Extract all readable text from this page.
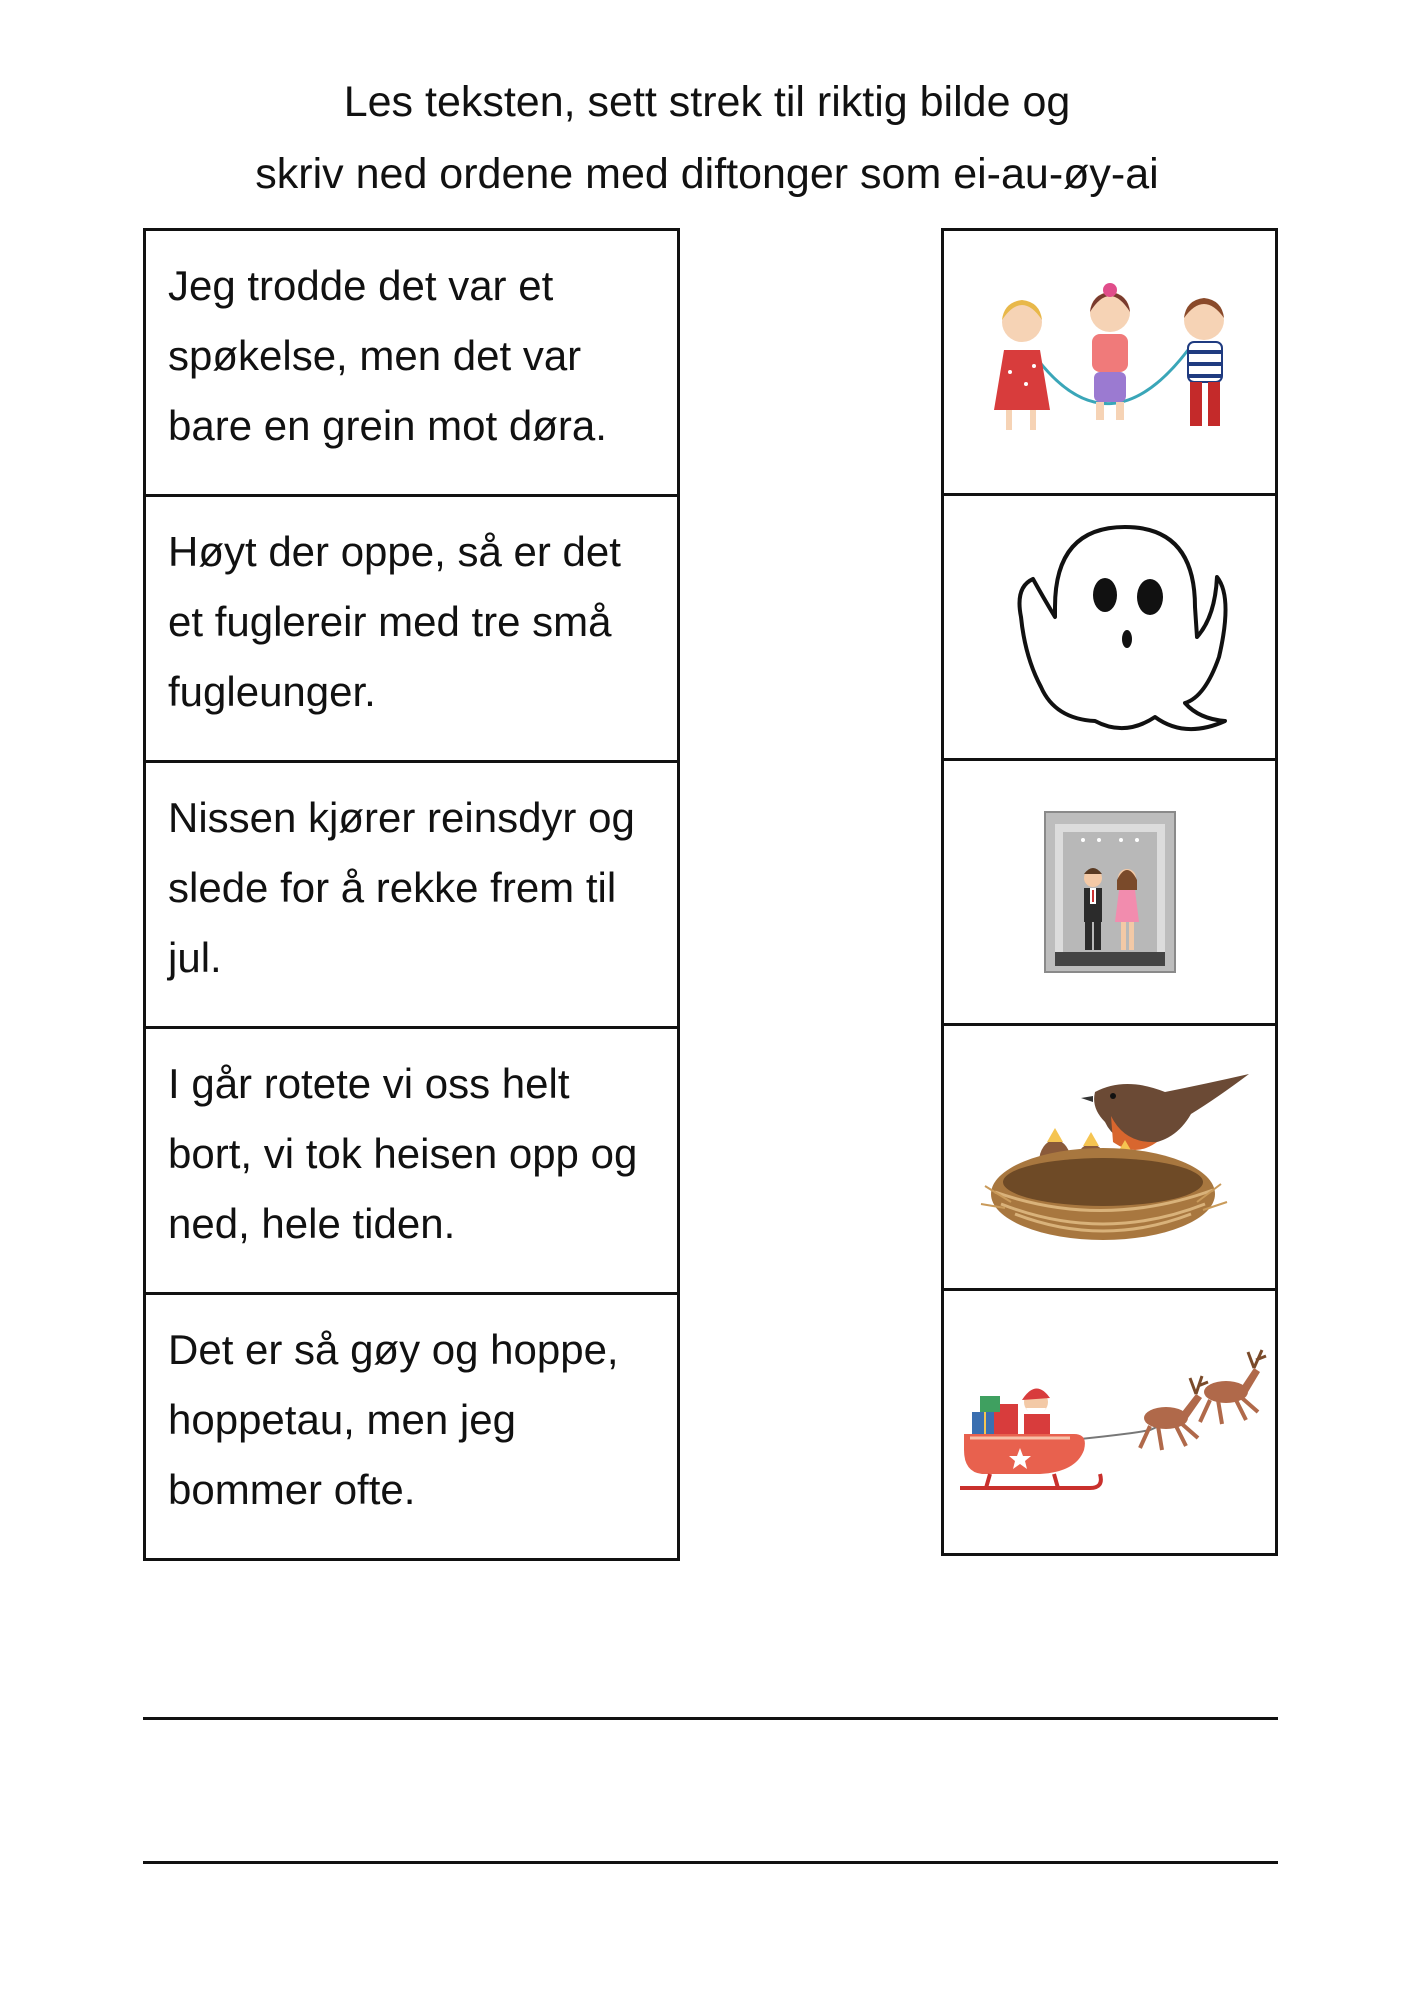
Les teksten, sett strek til riktig bilde og
skriv ned ordene med diftonger som ei-au-øy-ai
Jeg trodde det var et spøkelse, men det var bare en grein mot døra.
Høyt der oppe, så er det et fuglereir med tre små fugleunger.
Nissen kjører reinsdyr og slede for å rekke frem til jul.
I går rotete vi oss helt bort, vi tok heisen opp og ned, hele tiden.
Det er så gøy og hoppe, hoppetau, men jeg bommer ofte.
